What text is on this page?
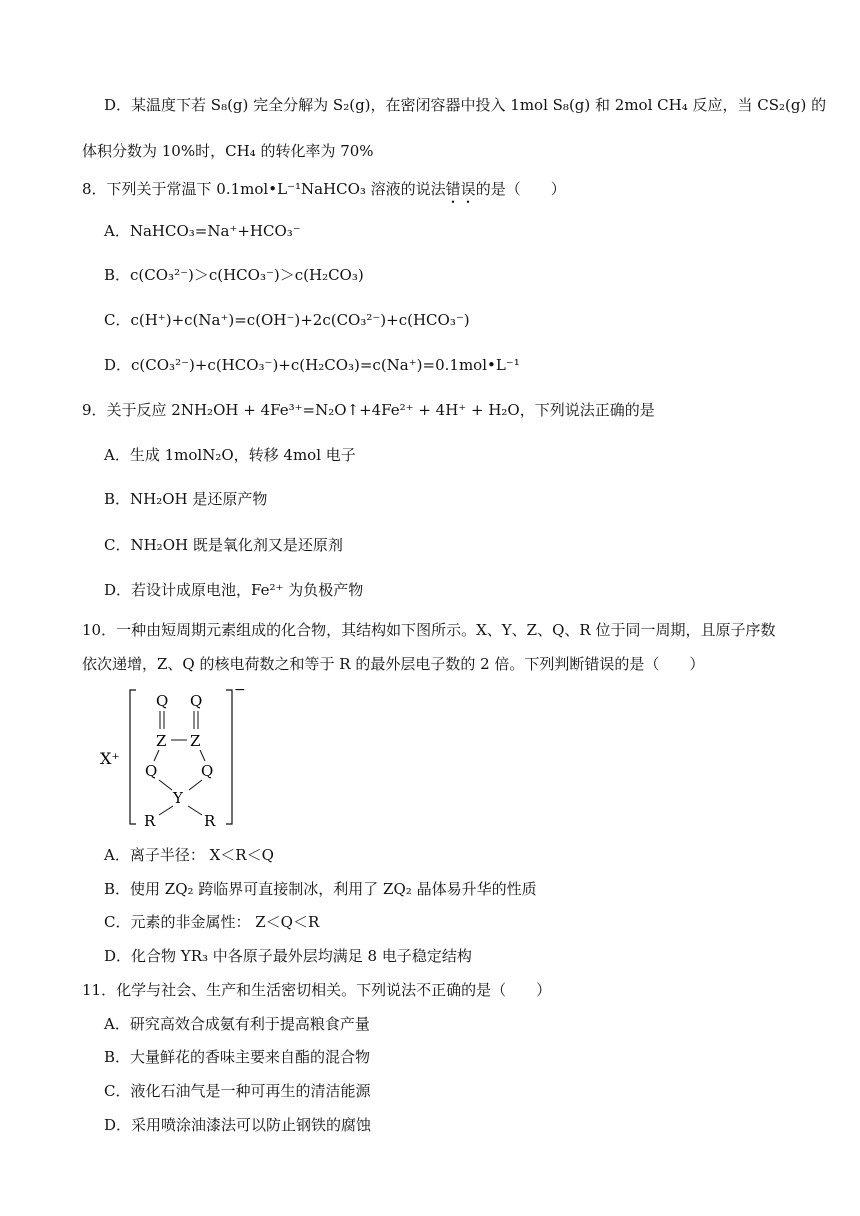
D．某温度下若 S₈(g) 完全分解为 S₂(g)，在密闭容器中投入 1mol S₈(g) 和 2mol CH₄ 反应，当 CS₂(g) 的
体积分数为 10%时，CH₄ 的转化率为 70%
8．下列关于常温下 0.1mol•L⁻¹NaHCO₃ 溶液的说法错误的是（　　）
A．NaHCO₃=Na⁺+HCO₃⁻
B．c(CO₃²⁻)＞c(HCO₃⁻)＞c(H₂CO₃)
C．c(H⁺)+c(Na⁺)=c(OH⁻)+2c(CO₃²⁻)+c(HCO₃⁻)
D．c(CO₃²⁻)+c(HCO₃⁻)+c(H₂CO₃)=c(Na⁺)=0.1mol•L⁻¹
9．关于反应 2NH₂OH + 4Fe³⁺=N₂O↑+4Fe²⁺ + 4H⁺ + H₂O，下列说法正确的是
A．生成 1molN₂O，转移 4mol 电子
B．NH₂OH 是还原产物
C．NH₂OH 既是氧化剂又是还原剂
D．若设计成原电池，Fe²⁺ 为负极产物
10．一种由短周期元素组成的化合物，其结构如下图所示。X、Y、Z、Q、R 位于同一周期，且原子序数
依次递增，Z、Q 的核电荷数之和等于 R 的最外层电子数的 2 倍。下列判断错误的是（　　）
X⁺
−
Q Q
Z Z
Q	Q
Y
R	R
A．离子半径： X＜R＜Q
B．使用 ZQ₂ 跨临界可直接制冰，利用了 ZQ₂ 晶体易升华的性质
C．元素的非金属性： Z＜Q＜R
D．化合物 YR₃ 中各原子最外层均满足 8 电子稳定结构
11．化学与社会、生产和生活密切相关。下列说法不正确的是（　　）
A．研究高效合成氨有利于提高粮食产量
B．大量鲜花的香味主要来自酯的混合物
C．液化石油气是一种可再生的清洁能源
D．采用喷涂油漆法可以防止钢铁的腐蚀
